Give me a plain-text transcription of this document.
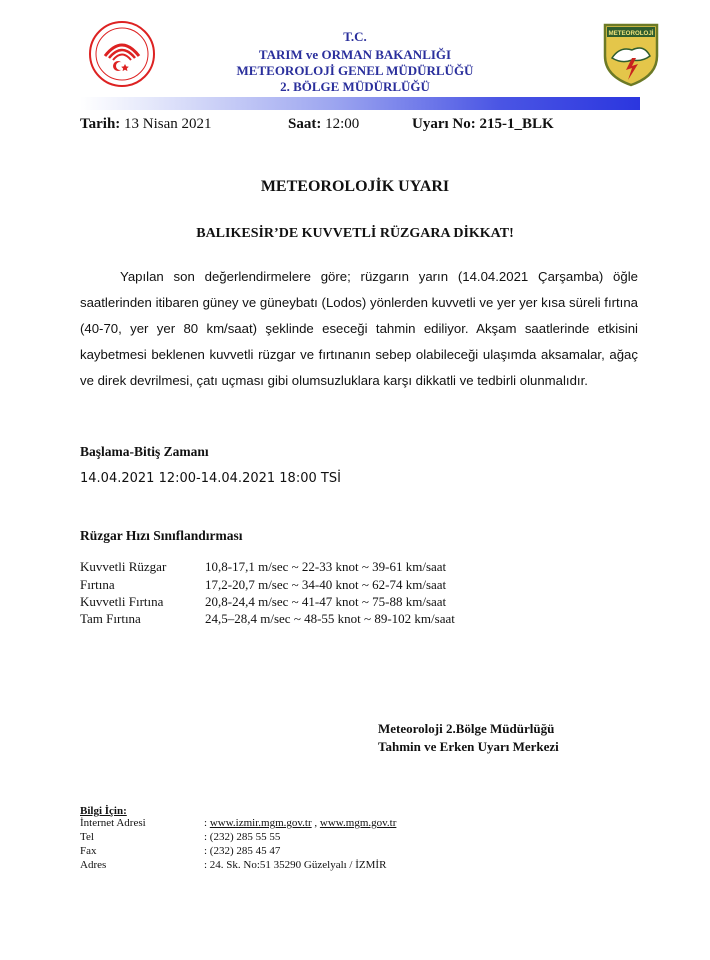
METEOROLOJİ
T.C.
TARIM ve ORMAN BAKANLIĞI
METEOROLOJİ GENEL MÜDÜRLÜĞÜ
2. BÖLGE MÜDÜRLÜĞÜ
Tarih: 13 Nisan 2021	Saat: 12:00	Uyarı No: 215-1_BLK
METEOROLOJİK UYARI
BALIKESİR’DE KUVVETLİ RÜZGARA DİKKAT!

Yapılan son değerlendirmelere göre; rüzgarın yarın (14.04.2021 Çarşamba) öğle saatlerinden itibaren güney ve güneybatı (Lodos) yönlerden kuvvetli ve yer yer kısa süreli fırtına (40-70, yer yer 80 km/saat) şeklinde eseceği tahmin ediliyor. Akşam saatlerinde etkisini kaybetmesi beklenen kuvvetli rüzgar ve fırtınanın sebep olabileceği ulaşımda aksamalar, ağaç ve direk devrilmesi, çatı uçması gibi olumsuzluklara karşı dikkatli ve tedbirli olunmalıdır.

Başlama-Bitiş Zamanı
14.04.2021 12:00-14.04.2021 18:00 TSİ
Rüzgar Hızı Sınıflandırması
Kuvvetli Rüzgar	10,8-17,1 m/sec ~ 22-33 knot ~ 39-61 km/saat
Fırtına	17,2-20,7 m/sec ~ 34-40 knot ~ 62-74 km/saat
Kuvvetli Fırtına	20,8-24,4 m/sec ~ 41-47 knot ~ 75-88 km/saat
Tam Fırtına	24,5–28,4 m/sec ~ 48-55 knot ~ 89-102 km/saat
Meteoroloji 2.Bölge Müdürlüğü
Tahmin ve Erken Uyarı Merkezi
Bilgi İçin:
İnternet Adresi	: www.izmir.mgm.gov.tr , www.mgm.gov.tr
Tel	: (232) 285 55 55
Fax	: (232) 285 45 47
Adres	: 24. Sk. No:51 35290 Güzelyalı / İZMİR
